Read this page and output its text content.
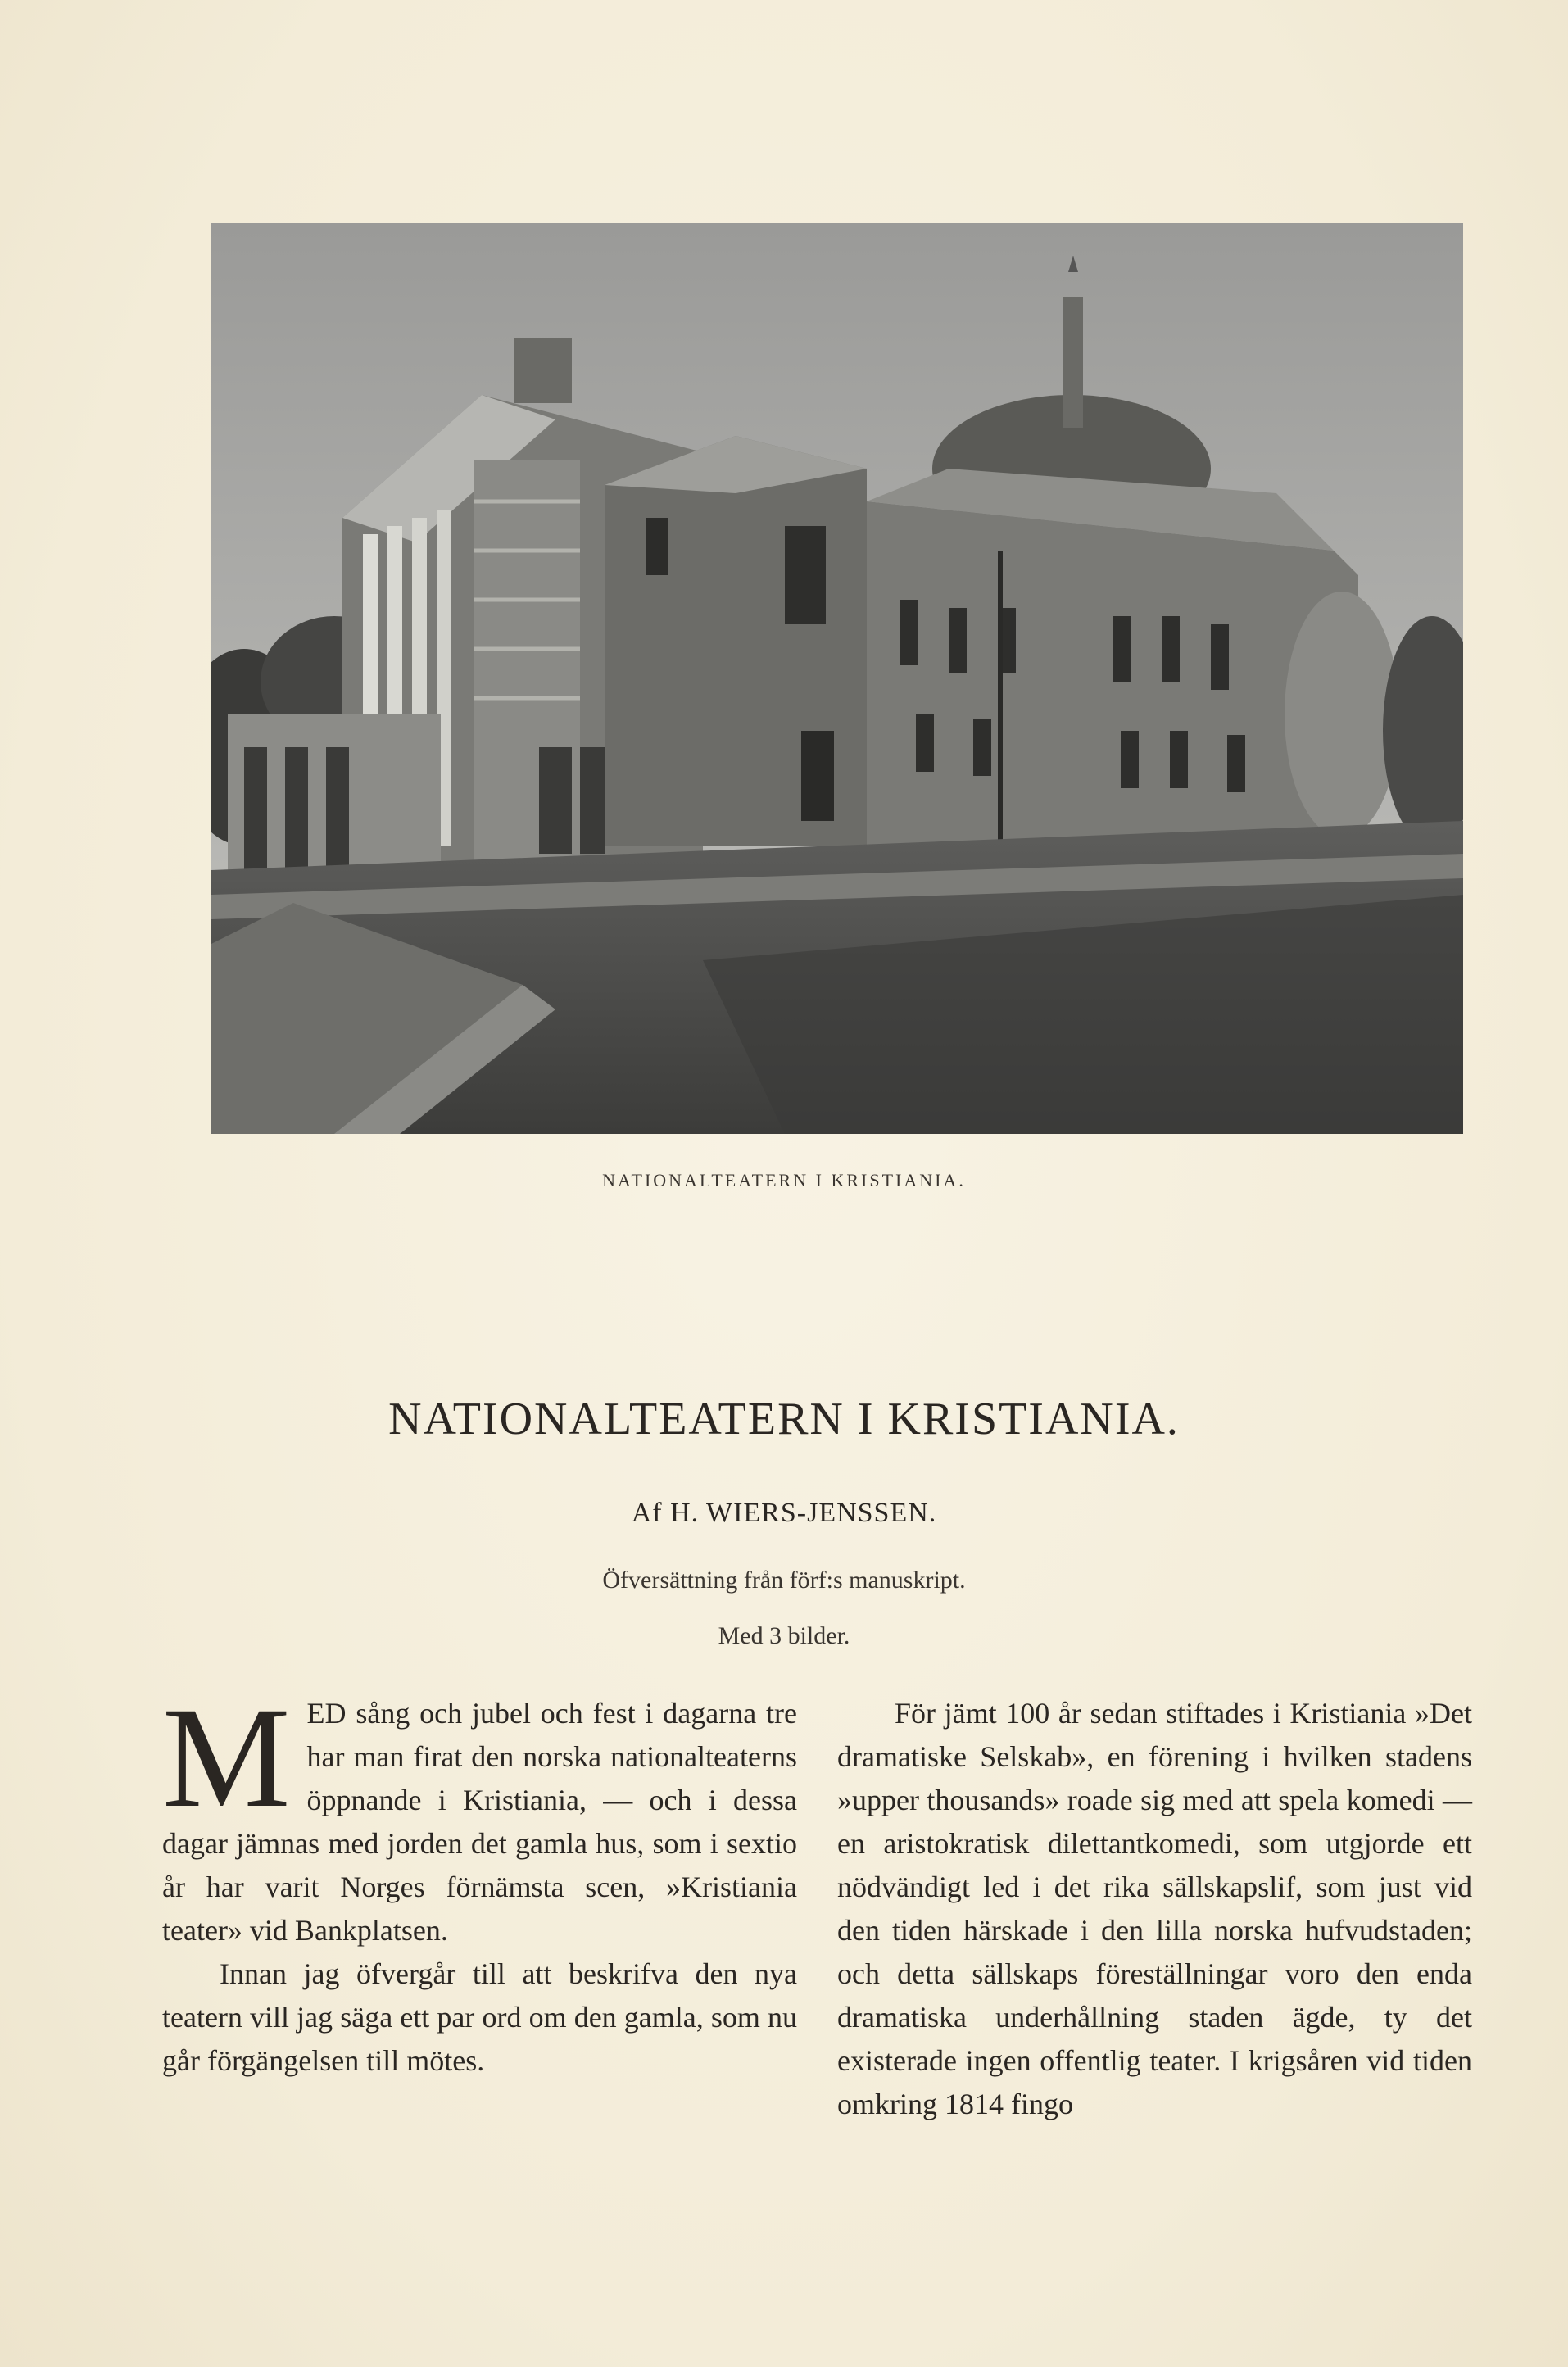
NATIONALTEATERN I KRISTIANIA.
NATIONALTEATERN I KRISTIANIA.
Af H. WIERS-JENSSEN.
Öfversättning från förf:s manuskript.
Med 3 bilder.

MED sång och jubel och fest i dagarna tre har man firat den norska nationalteaterns öppnande i Kristiania, — och i dessa dagar jämnas med jorden det gamla hus, som i sextio år har varit Norges förnämsta scen, »Kristiania teater» vid Bankplatsen.

Innan jag öfvergår till att beskrifva den nya teatern vill jag säga ett par ord om den gamla, som nu går förgängelsen till mötes.

För jämt 100 år sedan stiftades i Kristiania »Det dramatiske Selskab», en förening i hvilken stadens »upper thousands» roade sig med att spela komedi — en aristokratisk dilettantkomedi, som utgjorde ett nödvändigt led i det rika sällskapslif, som just vid den tiden härskade i den lilla norska hufvudstaden; och detta sällskaps föreställningar voro den enda dramatiska underhållning staden ägde, ty det existerade ingen offentlig teater. I krigsåren vid tiden omkring 1814 fingo
